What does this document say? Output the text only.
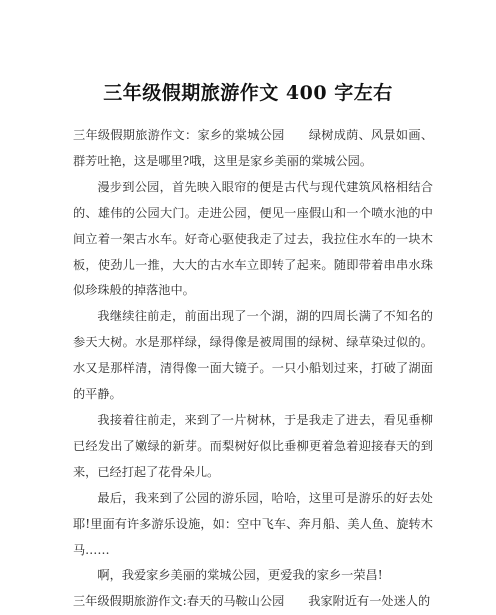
三年级假期旅游作文 400 字左右

三年级假期旅游作文：家乡的棠城公园 绿树成荫、风景如画、群芳吐艳，这是哪里?哦，这里是家乡美丽的棠城公园。

漫步到公园，首先映入眼帘的便是古代与现代建筑风格相结合的、雄伟的公园大门。走进公园，便见一座假山和一个喷水池的中间立着一架古水车。好奇心驱使我走了过去，我拉住水车的一块木板，使劲儿一推，大大的古水车立即转了起来。随即带着串串水珠似珍珠般的掉落池中。

我继续往前走，前面出现了一个湖，湖的四周长满了不知名的参天大树。水是那样绿，绿得像是被周围的绿树、绿草染过似的。水又是那样清，清得像一面大镜子。一只小船划过来，打破了湖面的平静。

我接着往前走，来到了一片树林，于是我走了进去，看见垂柳已经发出了嫩绿的新芽。而梨树好似比垂柳更着急着迎接春天的到来，已经打起了花骨朵儿。

最后，我来到了公园的游乐园，哈哈，这里可是游乐的好去处耶!里面有许多游乐设施，如：空中飞车、奔月船、美人鱼、旋转木马……

啊，我爱家乡美丽的棠城公园，更爱我的家乡一荣昌!

三年级假期旅游作文:春天的马鞍山公园 我家附近有一处迷人的
